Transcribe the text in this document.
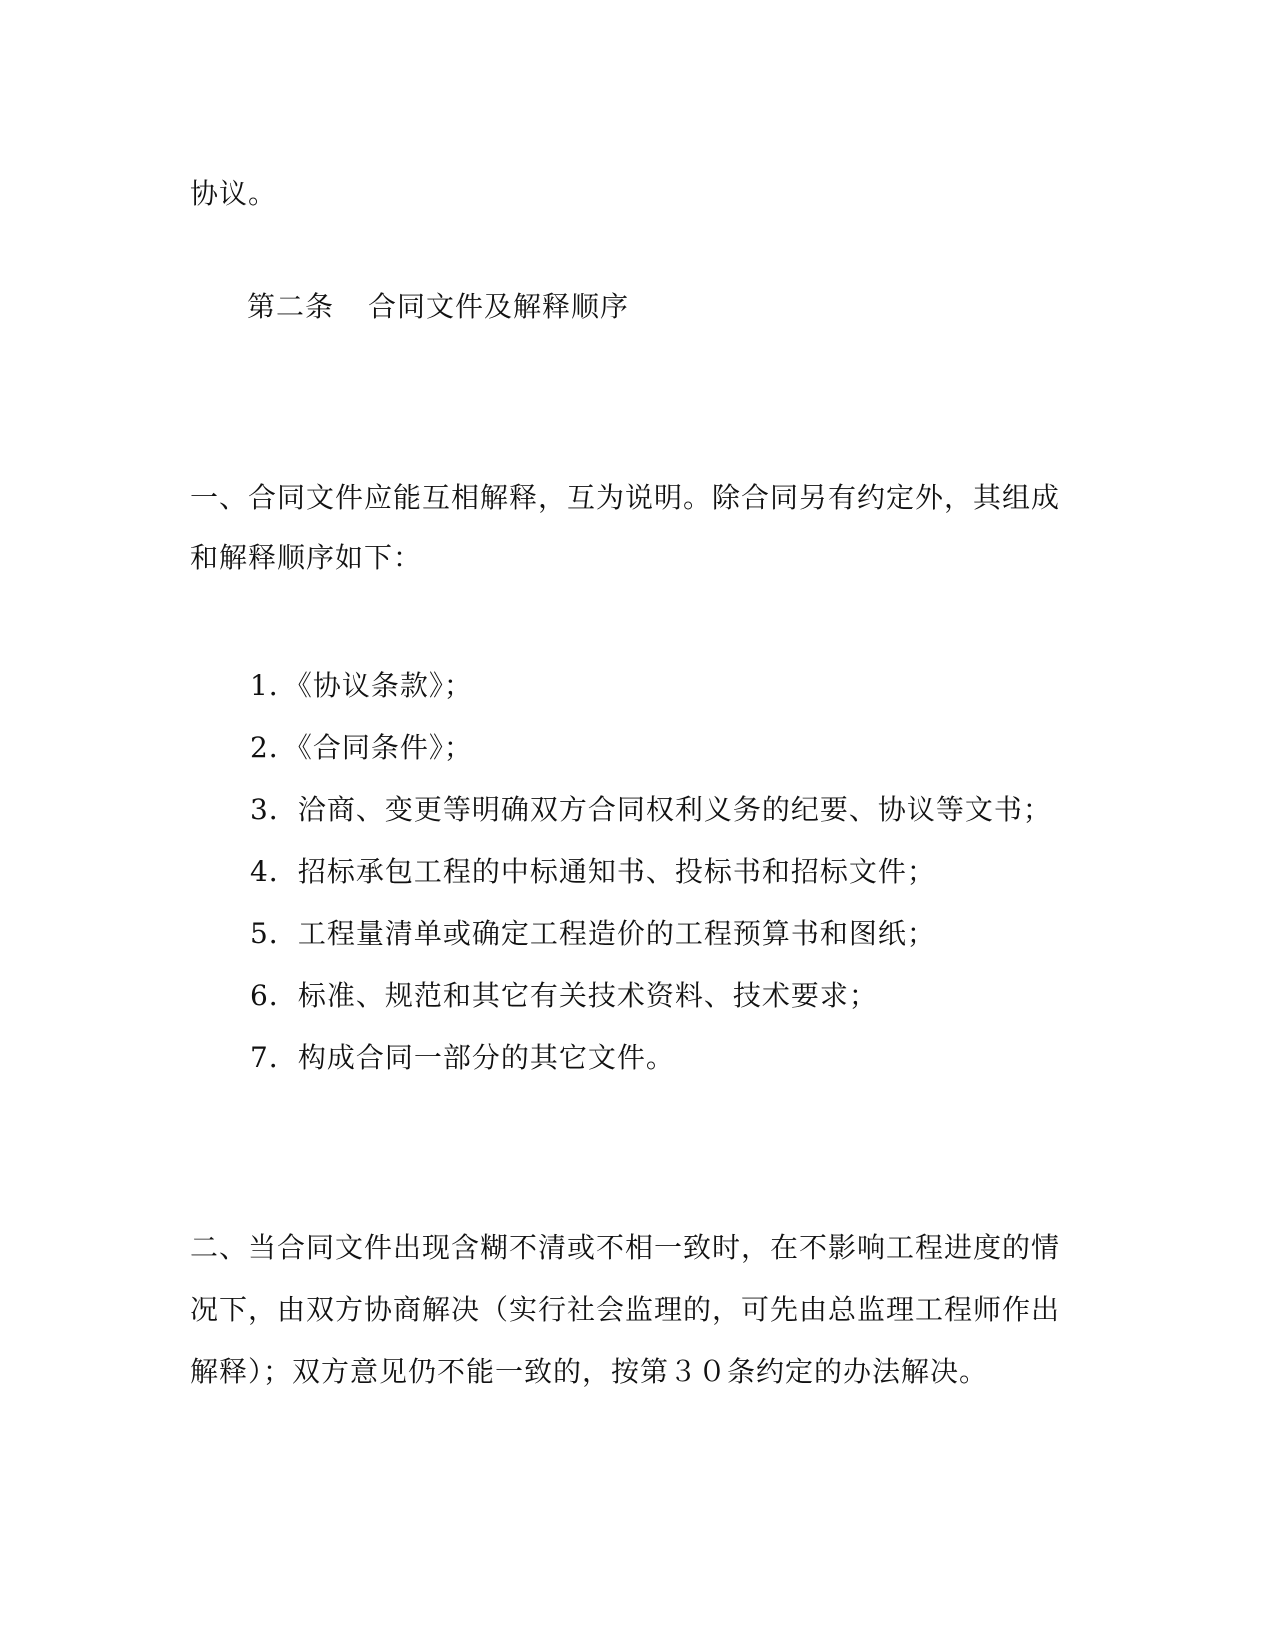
协议。
第二条 合同文件及解释顺序
一、合同文件应能互相解释，互为说明。除合同另有约定外，其组成
和解释顺序如下：
1．《协议条款》；
2．《合同条件》；
3．洽商、变更等明确双方合同权利义务的纪要、协议等文书；
4．招标承包工程的中标通知书、投标书和招标文件；
5．工程量清单或确定工程造价的工程预算书和图纸；
6．标准、规范和其它有关技术资料、技术要求；
7．构成合同一部分的其它文件。
二、当合同文件出现含糊不清或不相一致时，在不影响工程进度的情
况下，由双方协商解决（实行社会监理的，可先由总监理工程师作出
解释）；双方意见仍不能一致的，按第３０条约定的办法解决。
